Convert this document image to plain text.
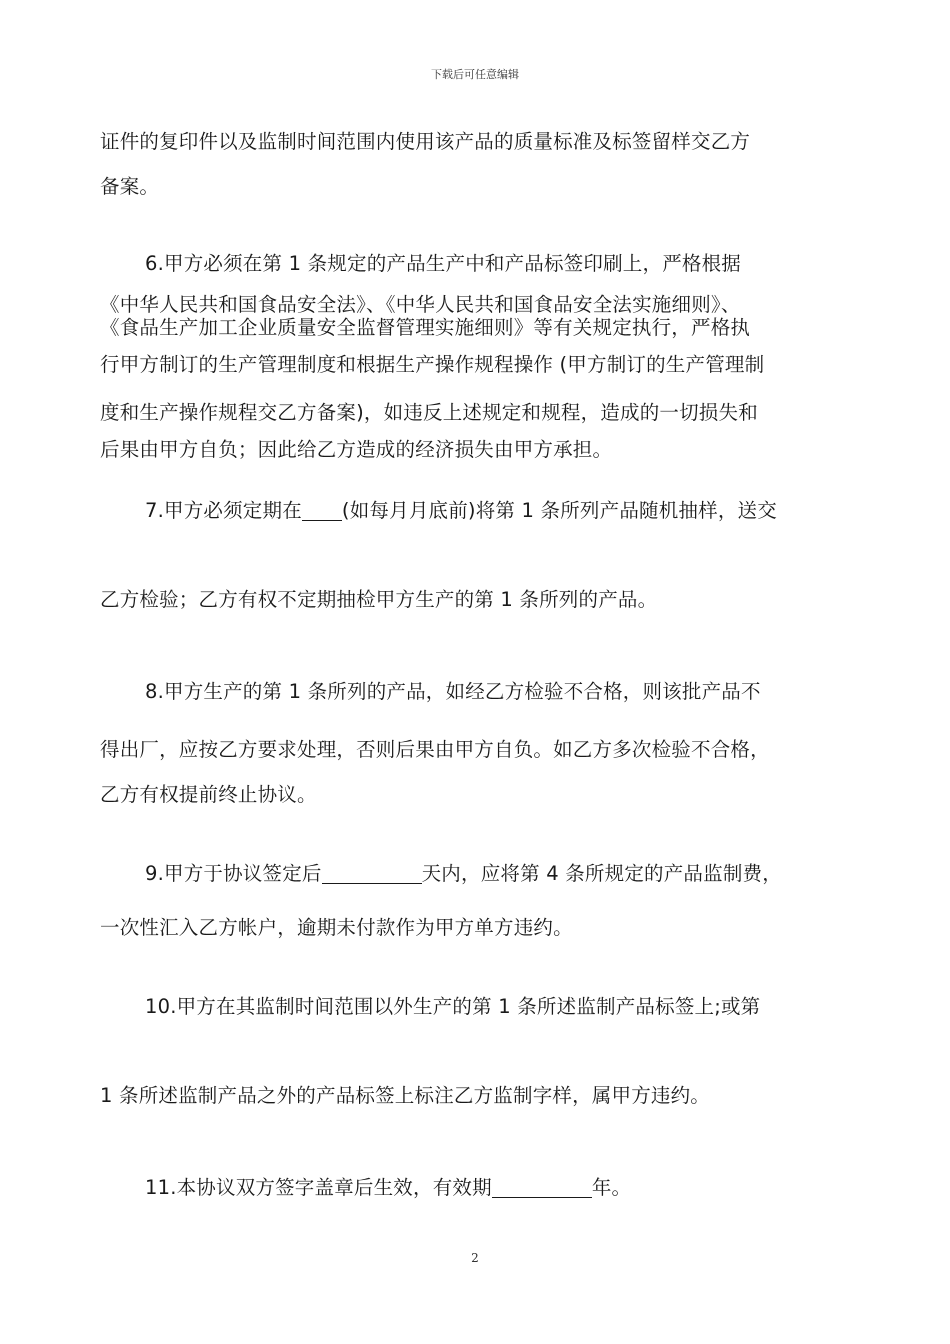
下载后可任意编辑
证件的复印件以及监制时间范围内使用该产品的质量标准及标签留样交乙方
备案。
6.甲方必须在第 1 条规定的产品生产中和产品标签印刷上，严格根据
《中华人民共和国食品安全法》、《中华人民共和国食品安全法实施细则》、
《食品生产加工企业质量安全监督管理实施细则》等有关规定执行，严格执
行甲方制订的生产管理制度和根据生产操作规程操作 (甲方制订的生产管理制
度和生产操作规程交乙方备案)，如违反上述规定和规程，造成的一切损失和
后果由甲方自负；因此给乙方造成的经济损失由甲方承担。
7.甲方必须定期在 (如每月月底前)将第 1 条所列产品随机抽样，送交
乙方检验；乙方有权不定期抽检甲方生产的第 1 条所列的产品。
8.甲方生产的第 1 条所列的产品，如经乙方检验不合格，则该批产品不
得出厂，应按乙方要求处理，否则后果由甲方自负。如乙方多次检验不合格，
乙方有权提前终止协议。
9.甲方于协议签定后	天内，应将第 4 条所规定的产品监制费，
一次性汇入乙方帐户，逾期未付款作为甲方单方违约。
10.甲方在其监制时间范围以外生产的第 1 条所述监制产品标签上;或第
1 条所述监制产品之外的产品标签上标注乙方监制字样，属甲方违约。
11.本协议双方签字盖章后生效，有效期	年。
2
